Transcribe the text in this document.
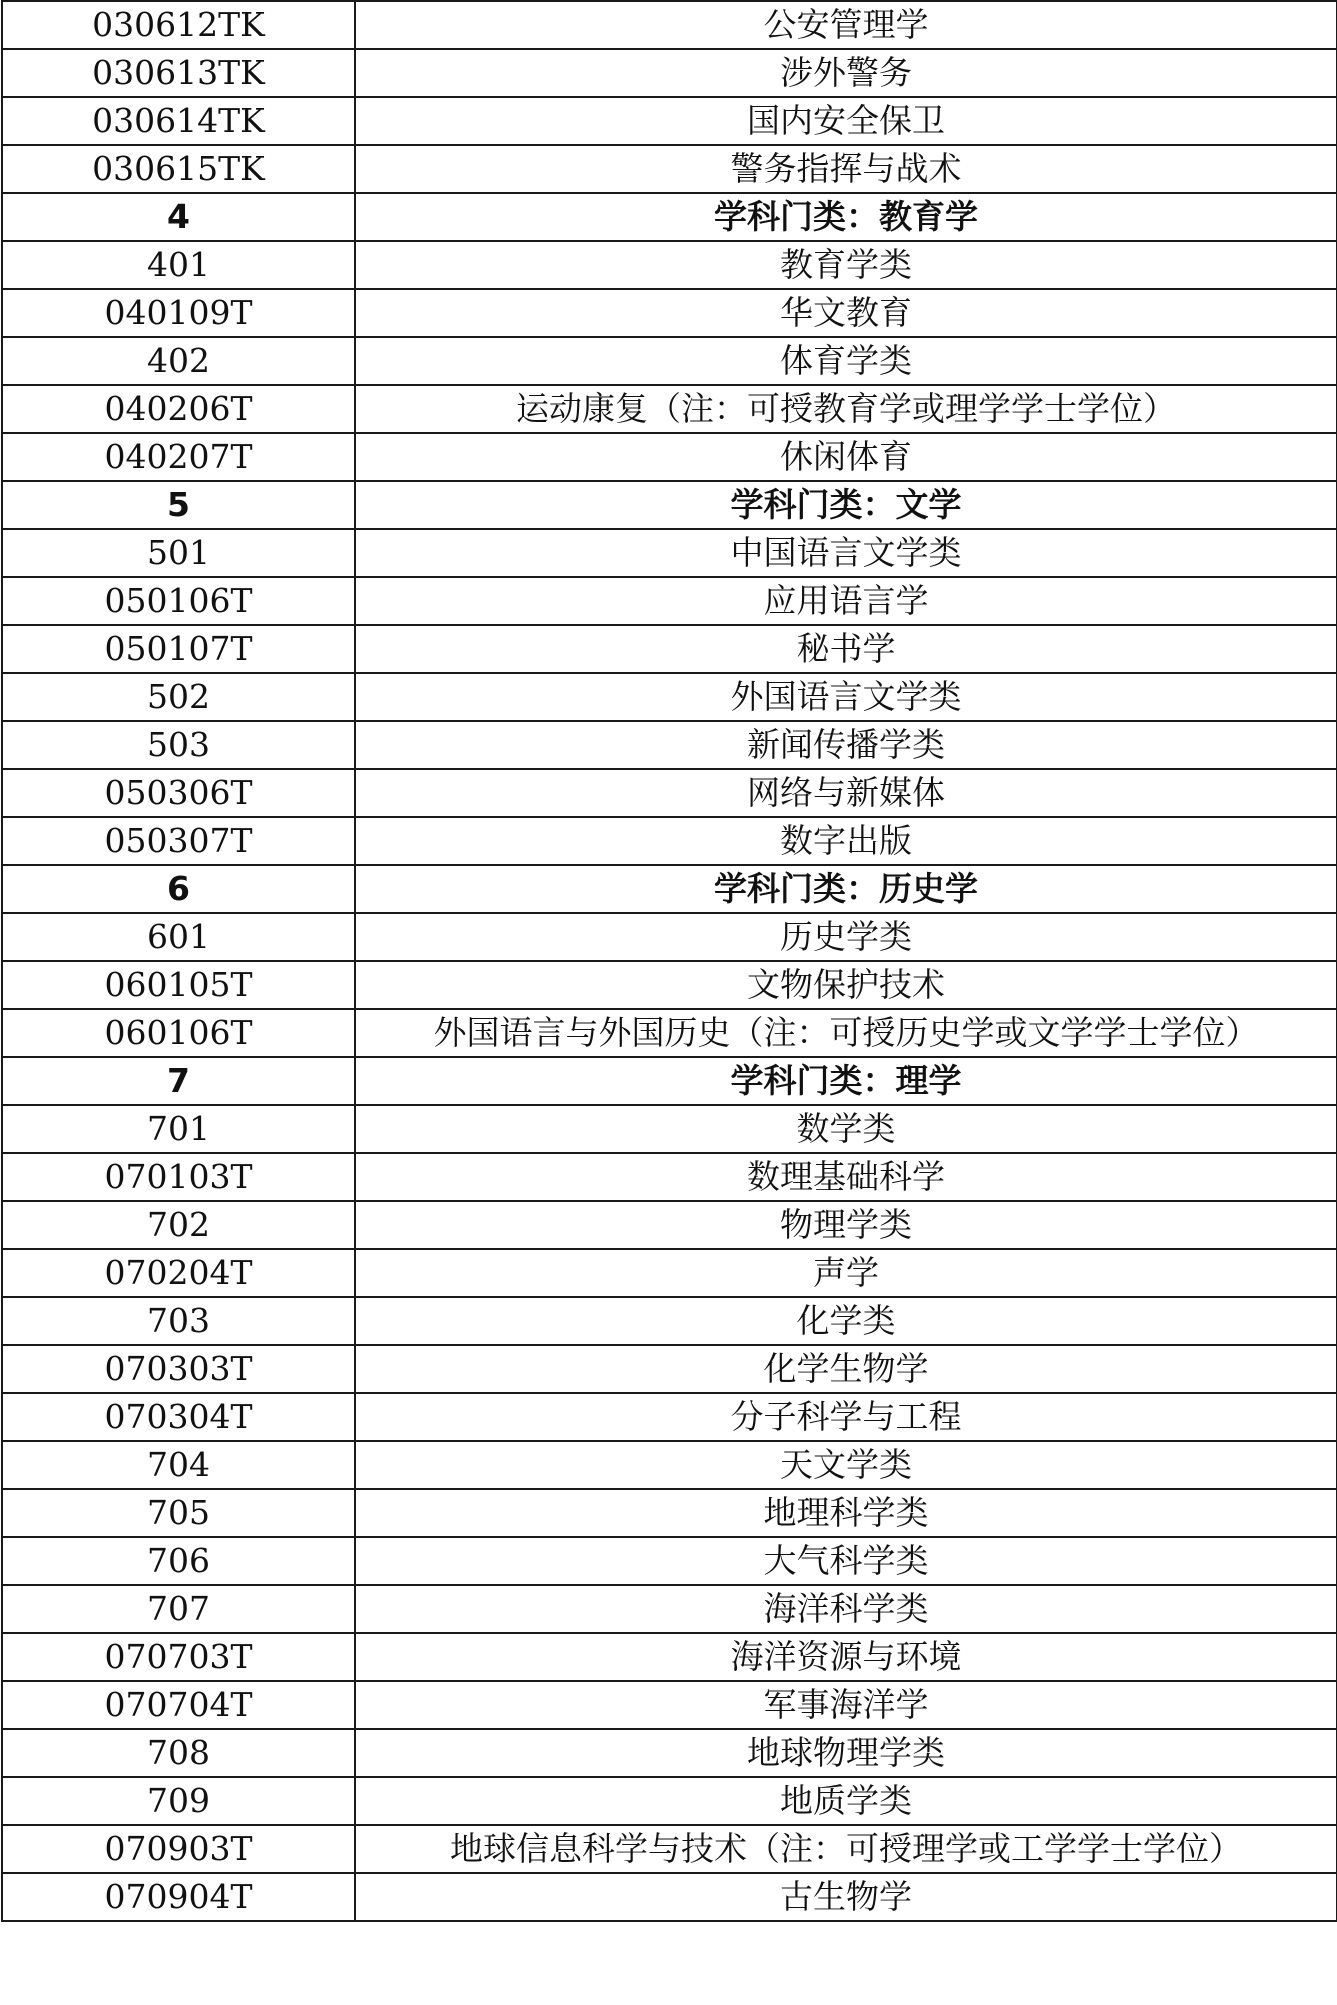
030612TK	公安管理学
030613TK	涉外警务
030614TK	国内安全保卫
030615TK	警务指挥与战术
4	学科门类：教育学
401	教育学类
040109T	华文教育
402	体育学类
040206T	运动康复（注：可授教育学或理学学士学位）
040207T	休闲体育
5	学科门类：文学
501	中国语言文学类
050106T	应用语言学
050107T	秘书学
502	外国语言文学类
503	新闻传播学类
050306T	网络与新媒体
050307T	数字出版
6	学科门类：历史学
601	历史学类
060105T	文物保护技术
060106T	外国语言与外国历史（注：可授历史学或文学学士学位）
7	学科门类：理学
701	数学类
070103T	数理基础科学
702	物理学类
070204T	声学
703	化学类
070303T	化学生物学
070304T	分子科学与工程
704	天文学类
705	地理科学类
706	大气科学类
707	海洋科学类
070703T	海洋资源与环境
070704T	军事海洋学
708	地球物理学类
709	地质学类
070903T	地球信息科学与技术（注：可授理学或工学学士学位）
070904T	古生物学
